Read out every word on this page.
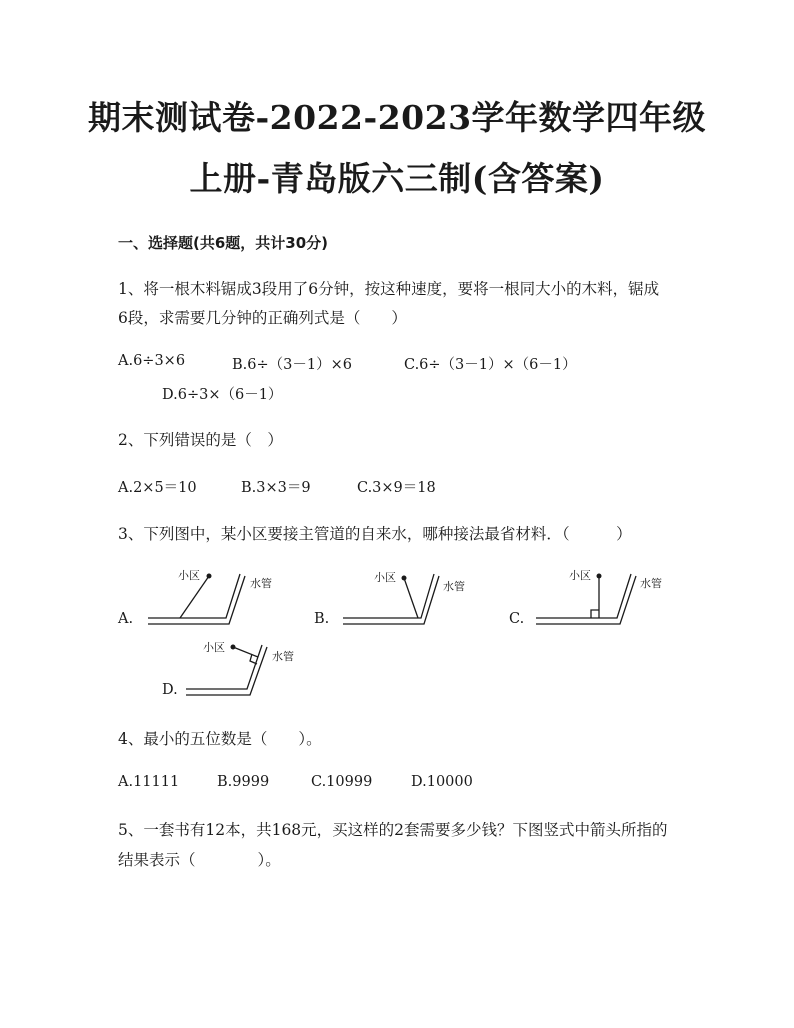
期末测试卷-2022-2023学年数学四年级
上册-青岛版六三制(含答案)
一、选择题(共6题，共计30分)
1、将一根木料锯成3段用了6分钟，按这种速度，要将一根同大小的木料，锯成
6段，求需要几分钟的正确列式是（　　）
A.6÷3×6	B.6÷（3－1）×6	C.6÷（3－1）×（6－1）
D.6÷3×（6－1）
2、下列错误的是（　）
A.2×5＝10	B.3×3＝9	C.3×9＝18
3、下列图中，某小区要接主管道的自来水，哪种接法最省材料．（　　　）
A.	B.	C.
D.
小区
水管	小区
水管
小区
水管
小区
水管
4、最小的五位数是（　　）。
A.11111	B.9999	C.10999	D.10000
5、一套书有12本，共168元，买这样的2套需要多少钱？下图竖式中箭头所指的
结果表示（　　　　）。
